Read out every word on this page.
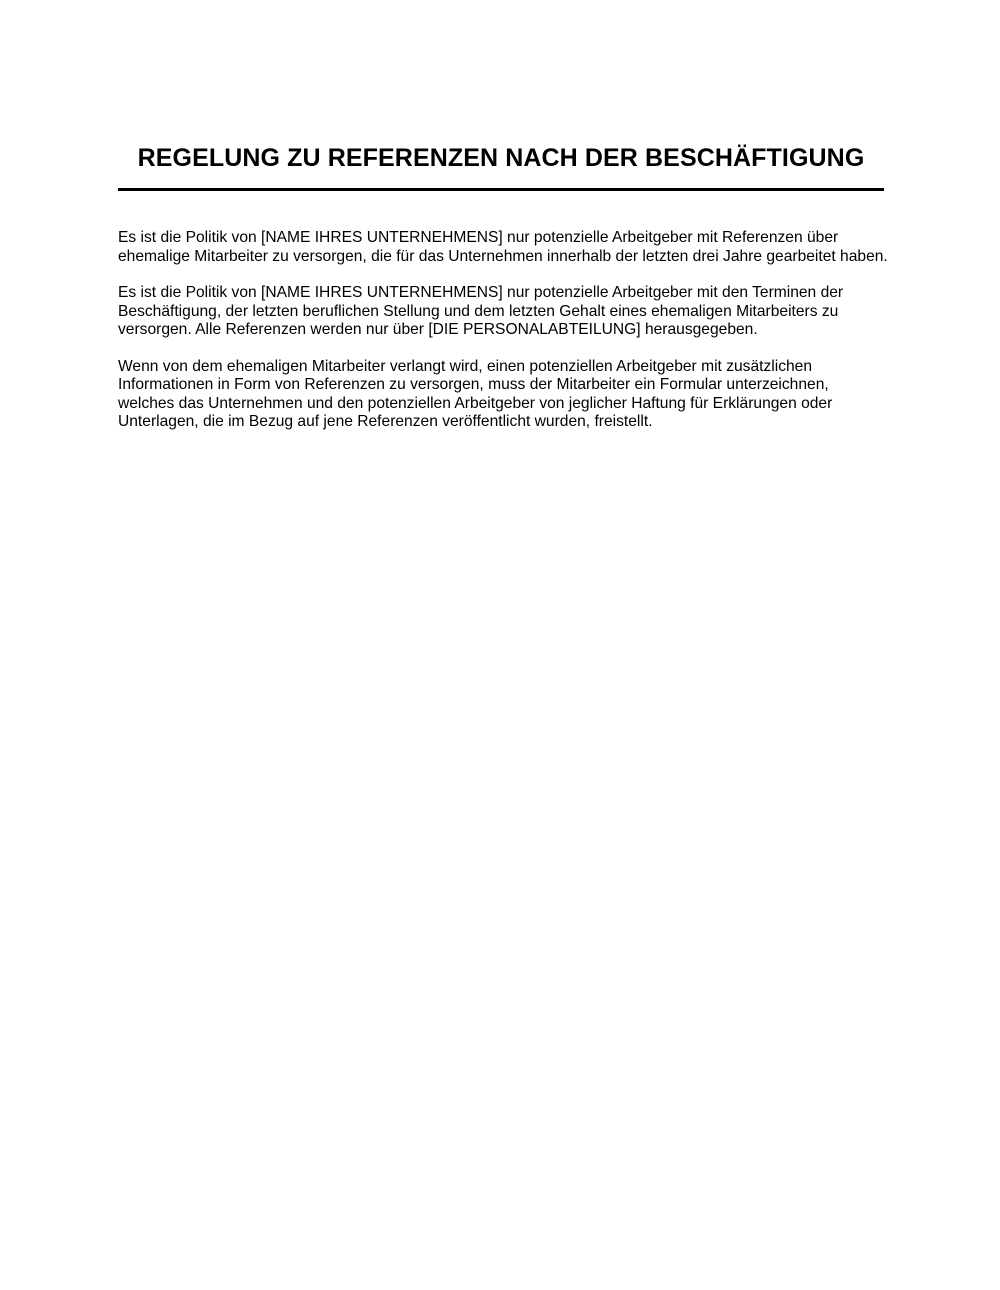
REGELUNG ZU REFERENZEN NACH DER BESCHÄFTIGUNG

Es ist die Politik von [NAME IHRES UNTERNEHMENS] nur potenzielle Arbeitgeber mit Referenzen über ehemalige Mitarbeiter zu versorgen, die für das Unternehmen innerhalb der letzten drei Jahre gearbeitet haben.

Es ist die Politik von [NAME IHRES UNTERNEHMENS] nur potenzielle Arbeitgeber mit den Terminen der Beschäftigung, der letzten beruflichen Stellung und dem letzten Gehalt eines ehemaligen Mitarbeiters zu versorgen. Alle Referenzen werden nur über [DIE PERSONALABTEILUNG] herausgegeben.

Wenn von dem ehemaligen Mitarbeiter verlangt wird, einen potenziellen Arbeitgeber mit zusätzlichen Informationen in Form von Referenzen zu versorgen, muss der Mitarbeiter ein Formular unterzeichnen, welches das Unternehmen und den potenziellen Arbeitgeber von jeglicher Haftung für Erklärungen oder Unterlagen, die im Bezug auf jene Referenzen veröffentlicht wurden, freistellt.
